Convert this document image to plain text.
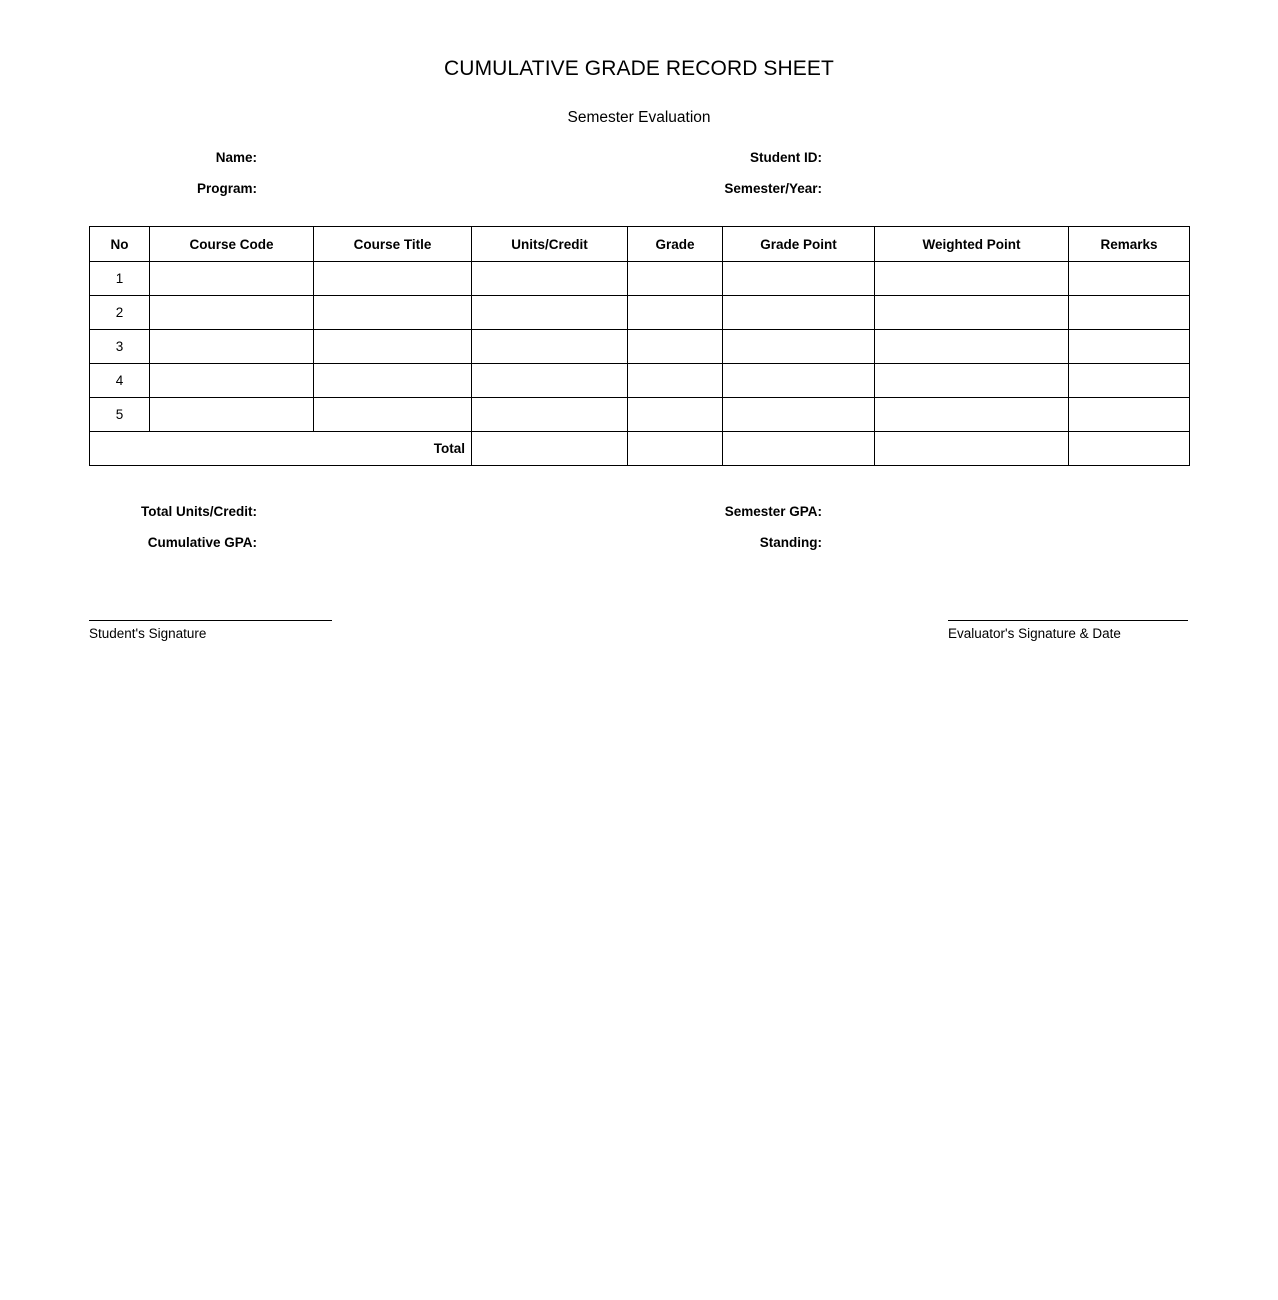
CUMULATIVE GRADE RECORD SHEET
Semester Evaluation
Name:	Student ID:
Program:	Semester/Year:
No	Course Code	Course Title	Units/Credit	Grade	Grade Point	Weighted Point	Remarks
1							
2							
3							
4							
5							
Total							
Total Units/Credit:	Semester GPA:
Cumulative GPA:	Standing:
Student's Signature	Evaluator's Signature & Date
